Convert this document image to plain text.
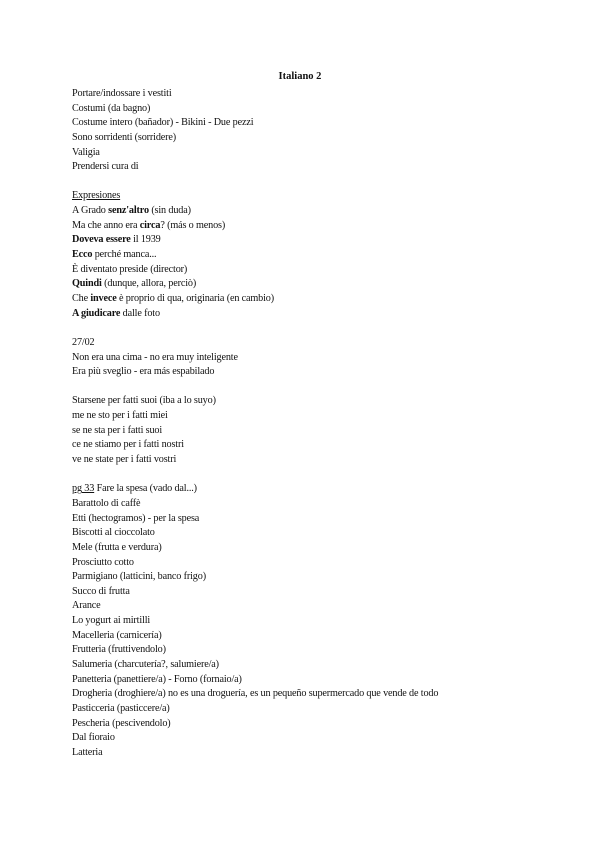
Italiano 2
Portare/indossare i vestiti
Costumi (da bagno)
Costume intero (bañador) - Bikini - Due pezzi
Sono sorridenti (sorridere)
Valigia
Prendersi cura di
Expresiones
A Grado senz'altro (sin duda)
Ma che anno era circa? (más o menos)
Doveva essere il 1939
Ecco perché manca...
È diventato preside (director)
Quindi (dunque, allora, perciò)
Che invece è proprio di qua, originaria (en cambio)
A giudicare dalle foto
27/02
Non era una cima - no era muy inteligente
Era più sveglio - era más espabilado
Starsene per fatti suoi (iba a lo suyo)
me ne sto per i fatti miei
se ne sta per i fatti suoi
ce ne stiamo per i fatti nostri
ve ne state per i fatti vostri
pg 33 Fare la spesa (vado dal...)
Barattolo di caffè
Etti (hectogramos) - per la spesa
Biscotti al cioccolato
Mele (frutta e verdura)
Prosciutto cotto
Parmigiano (latticini, banco frigo)
Succo di frutta
Arance
Lo yogurt ai mirtilli
Macelleria (carnicería)
Frutteria (fruttivendolo)
Salumeria (charcutería?, salumiere/a)
Panetteria (panettiere/a) - Forno (fornaio/a)
Drogheria (droghiere/a) no es una droguería, es un pequeño supermercado que vende de todo
Pasticceria (pasticcere/a)
Pescheria (pescivendolo)
Dal fioraio
Latteria
